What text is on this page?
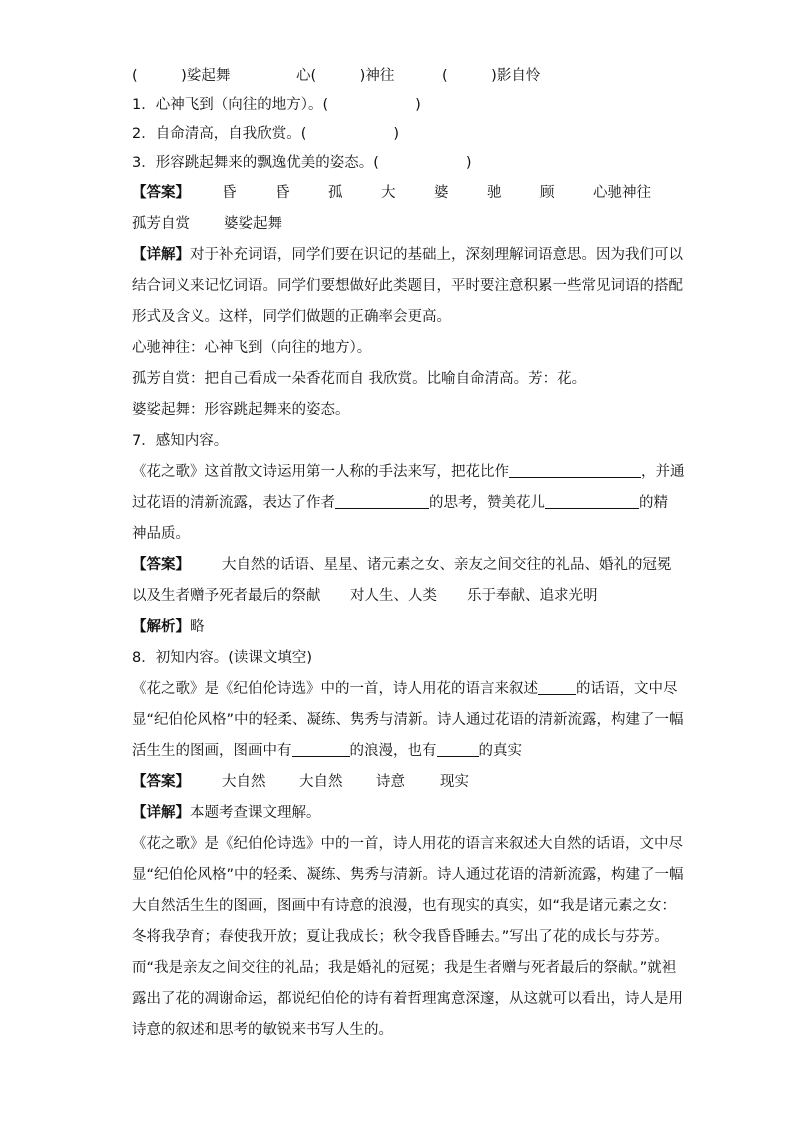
(　　　)娑起舞	心(　　　)神往	(　　　)影自怜
1．心神飞到（向往的地方）。(　　　　　　)
2．自命清高，自我欣赏。(　　　　　　)
3．形容跳起舞来的飘逸优美的姿态。(　　　　　　)
【答案】 昏	昏	孤	大	婆	驰	顾	心驰神往
孤芳自赏 婆娑起舞
【详解】对于补充词语，同学们要在识记的基础上，深刻理解词语意思。因为我们可以
结合词义来记忆词语。同学们要想做好此类题目，平时要注意积累一些常见词语的搭配
形式及含义。这样，同学们做题的正确率会更高。
心驰神往：心神飞到（向往的地方）。
孤芳自赏：把自己看成一朵香花而自 我欣赏。比喻自命清高。芳：花。
婆娑起舞：形容跳起舞来的姿态。
7．感知内容。
《花之歌》这首散文诗运用第一人称的手法来写，把花比作	，并通
过花语的清新流露，表达了作者	的思考，赞美花儿	的精
神品质。
【答案】 大自然的话语、星星、诸元素之女、亲友之间交往的礼品、婚礼的冠冕
以及生者赠予死者最后的祭献 对人生、人类 乐于奉献、追求光明
【解析】略
8．初知内容。(读课文填空)
《花之歌》是《纪伯伦诗选》中的一首，诗人用花的语言来叙述	的话语，文中尽
显“纪伯伦风格”中的轻柔、凝练、隽秀与清新。诗人通过花语的清新流露，构建了一幅
活生生的图画，图画中有	的浪漫，也有	的真实
【答案】 大自然 大自然 诗意 现实
【详解】本题考查课文理解。
《花之歌》是《纪伯伦诗选》中的一首，诗人用花的语言来叙述大自然的话语，文中尽
显“纪伯伦风格”中的轻柔、凝练、隽秀与清新。诗人通过花语的清新流露，构建了一幅
大自然活生生的图画，图画中有诗意的浪漫，也有现实的真实，如“我是诸元素之女：
冬将我孕育；春使我开放；夏让我成长；秋令我昏昏睡去。”写出了花的成长与芬芳。
而“我是亲友之间交往的礼品；我是婚礼的冠冕；我是生者赠与死者最后的祭献。”就袒
露出了花的凋谢命运，都说纪伯伦的诗有着哲理寓意深邃，从这就可以看出，诗人是用
诗意的叙述和思考的敏锐来书写人生的。
